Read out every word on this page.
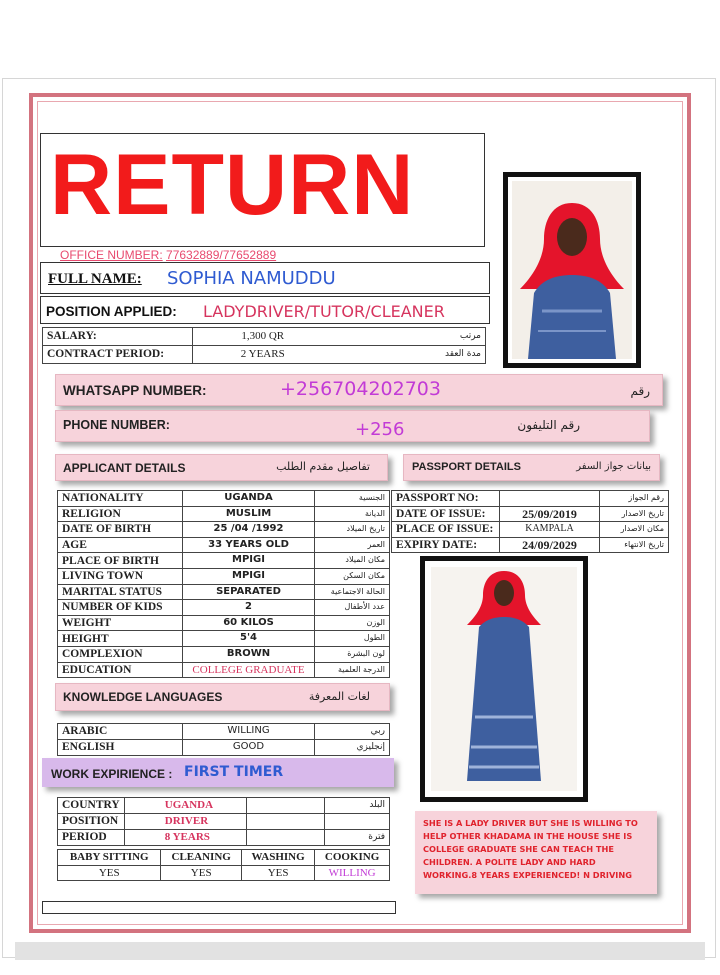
RETURN
OFFICE NUMBER: 77632889/77652889
FULL NAME: SOPHIA NAMUDDU
POSITION APPLIED: LADYDRIVER/TUTOR/CLEANER
SALARY:	1,300 QR	مرتب
CONTRACT PERIOD:	2 YEARS	مدة العقد
WHATSAPP NUMBER:	+256704202703	رقم
PHONE NUMBER:	+256	رقم التليفون
APPLICANT DETAILS	تفاصيل مقدم الطلب	PASSPORT DETAILS	بيانات جواز السفر
NATIONALITY	UGANDA	الجنسية
RELIGION	MUSLIM	الديانة
DATE OF BIRTH	25 /04 /1992	تاريخ الميلاد
AGE	33 YEARS OLD	العمر
PLACE OF BIRTH	MPIGI	مكان الميلاد
LIVING TOWN	MPIGI	مكان السكن
MARITAL STATUS	SEPARATED	الحالة الاجتماعية
NUMBER OF KIDS	2	عدد الأطفال
WEIGHT	60 KILOS	الوزن
HEIGHT	5'4	الطول
COMPLEXION	BROWN	لون البشرة
EDUCATION	COLLEGE GRADUATE	الدرجة العلمية
PASSPORT NO:		رقم الجواز
DATE OF ISSUE:	25/09/2019	تاريخ الاصدار
PLACE OF ISSUE:	KAMPALA	مكان الاصدار
EXPIRY DATE:	24/09/2029	تاريخ الانتهاء
KNOWLEDGE LANGUAGES	لغات المعرفة
ARABIC	WILLING	ربي
ENGLISH	GOOD	إنجليزي
WORK EXPIRIENCE : FIRST TIMER
COUNTRY	UGANDA		البلد
POSITION	DRIVER		
PERIOD	8 YEARS		فترة
BABY SITTING	CLEANING	WASHING	COOKING
YES	YES	YES	WILLING
SHE IS A LADY DRIVER BUT SHE IS WILLING TO HELP OTHER KHADAMA IN THE HOUSE SHE IS COLLEGE GRADUATE SHE CAN TEACH THE CHILDREN. A POLITE LADY AND HARD WORKING.8 YEARS EXPERIENCED! N DRIVING
